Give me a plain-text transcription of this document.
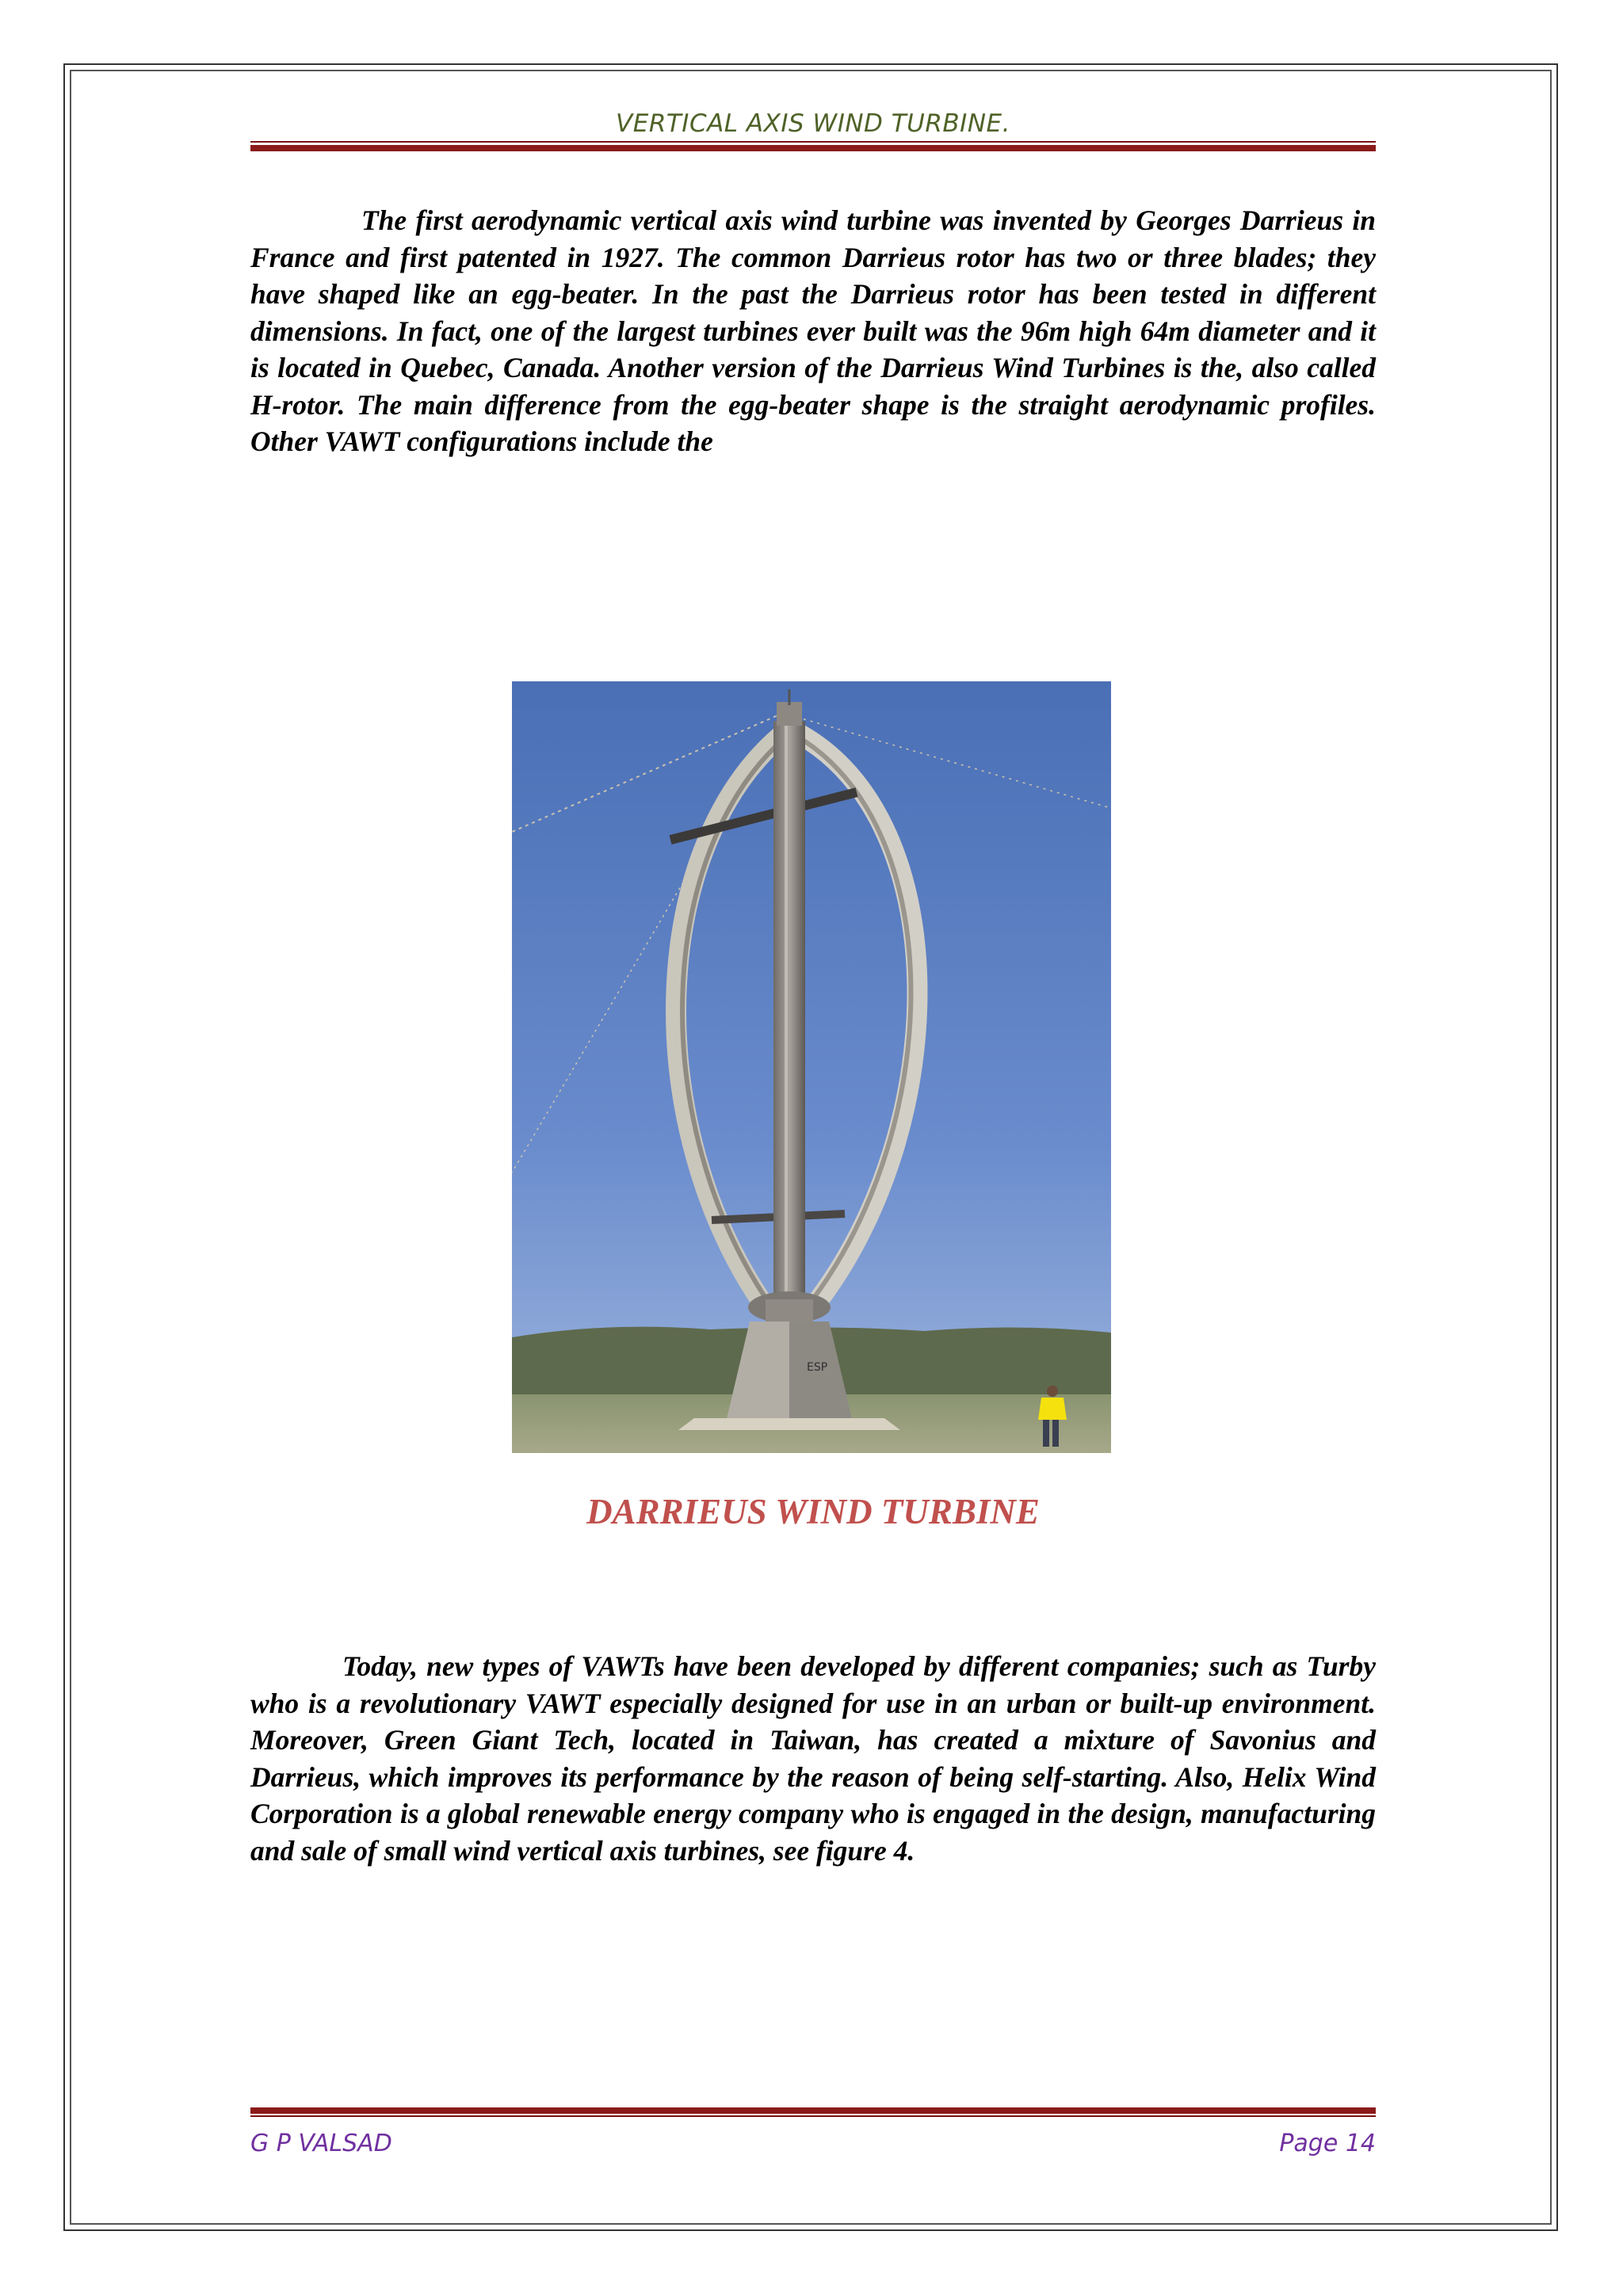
VERTICAL AXIS WIND TURBINE.

The first aerodynamic vertical axis wind turbine was invented by Georges Darrieus in France and first patented in 1927. The common Darrieus rotor has two or three blades; they have shaped like an egg-beater. In the past the Darrieus rotor has been tested in different dimensions. In fact, one of the largest turbines ever built was the 96m high 64m diameter and it is located in Quebec, Canada. Another version of the Darrieus Wind Turbines is the, also called H-rotor. The main difference from the egg-beater shape is the straight aerodynamic profiles. Other VAWT configurations include the

ESP
DARRIEUS WIND TURBINE

Today, new types of VAWTs have been developed by different companies; such as Turby who is a revolutionary VAWT especially designed for use in an urban or built-up environment. Moreover, Green Giant Tech, located in Taiwan, has created a mixture of Savonius and Darrieus, which improves its performance by the reason of being self-starting. Also, Helix Wind Corporation is a global renewable energy company who is engaged in the design, manufacturing and sale of small wind vertical axis turbines, see figure 4.

G P VALSAD	Page 14
